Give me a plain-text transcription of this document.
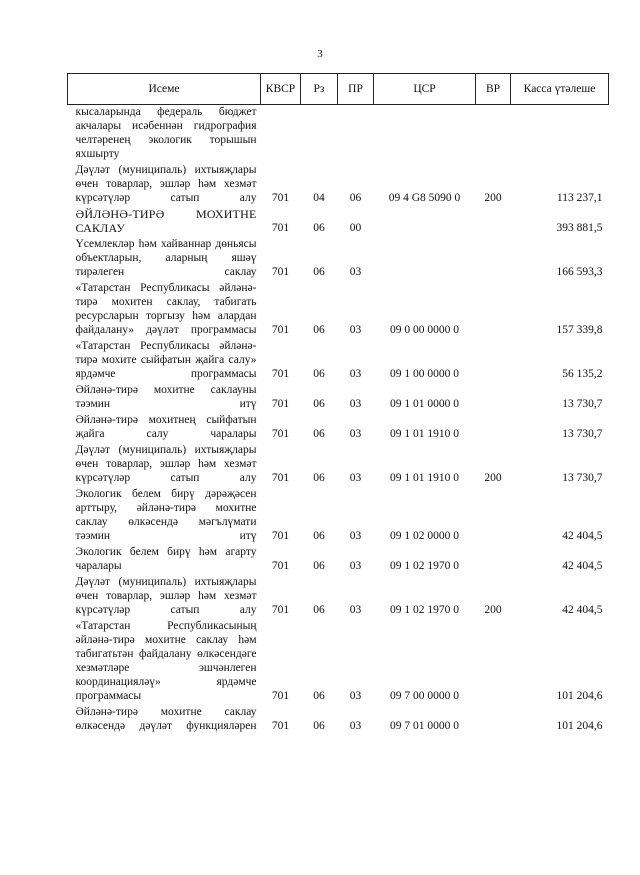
3
Исеме	КВСР	Рз	ПР	ЦСР	ВР	Касса үтәлеше
кысаларында федераль бюджет акчалары исәбеннән гидрография челтәренең экологик торышын яхшырту						
Дәүләт (муниципаль) ихтыяҗлары өчен товарлар, эшләр һәм хезмәт күрсәтүләр сатып алу	701	04	06	09 4 G8 5090 0	200	113 237,1
ӘЙЛӘНӘ-ТИРӘ МОХИТНЕ САКЛАУ	701	06	00			393 881,5
Үсемлекләр һәм хайваннар дөньясы объектларын, аларның яшәү тирәлеген саклау	701	06	03			166 593,3
«Татарстан Республикасы әйләнә-тирә мохитен саклау, табигать ресурсларын торгызу һәм алардан файдалану» дәүләт программасы	701	06	03	09 0 00 0000 0		157 339,8
«Татарстан Республикасы әйләнә-тирә мохите сыйфатын җайга салу» ярдәмче программасы	701	06	03	09 1 00 0000 0		56 135,2
Әйләнә-тирә мохитне саклауны тәэмин итү	701	06	03	09 1 01 0000 0		13 730,7
Әйләнә-тирә мохитнең сыйфатын җайга салу чаралары	701	06	03	09 1 01 1910 0		13 730,7
Дәүләт (муниципаль) ихтыяҗлары өчен товарлар, эшләр һәм хезмәт күрсәтүләр сатып алу	701	06	03	09 1 01 1910 0	200	13 730,7
Экологик белем бирү дәрәҗәсен арттыру, әйләнә-тирә мохитне саклау өлкәсендә мәгълүмати тәэмин итү	701	06	03	09 1 02 0000 0		42 404,5
Экологик белем бирү һәм агарту чаралары	701	06	03	09 1 02 1970 0		42 404,5
Дәүләт (муниципаль) ихтыяҗлары өчен товарлар, эшләр һәм хезмәт күрсәтүләр сатып алу	701	06	03	09 1 02 1970 0	200	42 404,5
«Татарстан Республикасының әйләнә-тирә мохитне саклау һәм табигатьтән файдалану өлкәсендәге хезмәтләре эшчәнлеген координацияләү» ярдәмче программасы	701	06	03	09 7 00 0000 0		101 204,6
Әйләнә-тирә мохитне саклау өлкәсендә дәүләт функцияләрен	701	06	03	09 7 01 0000 0		101 204,6
